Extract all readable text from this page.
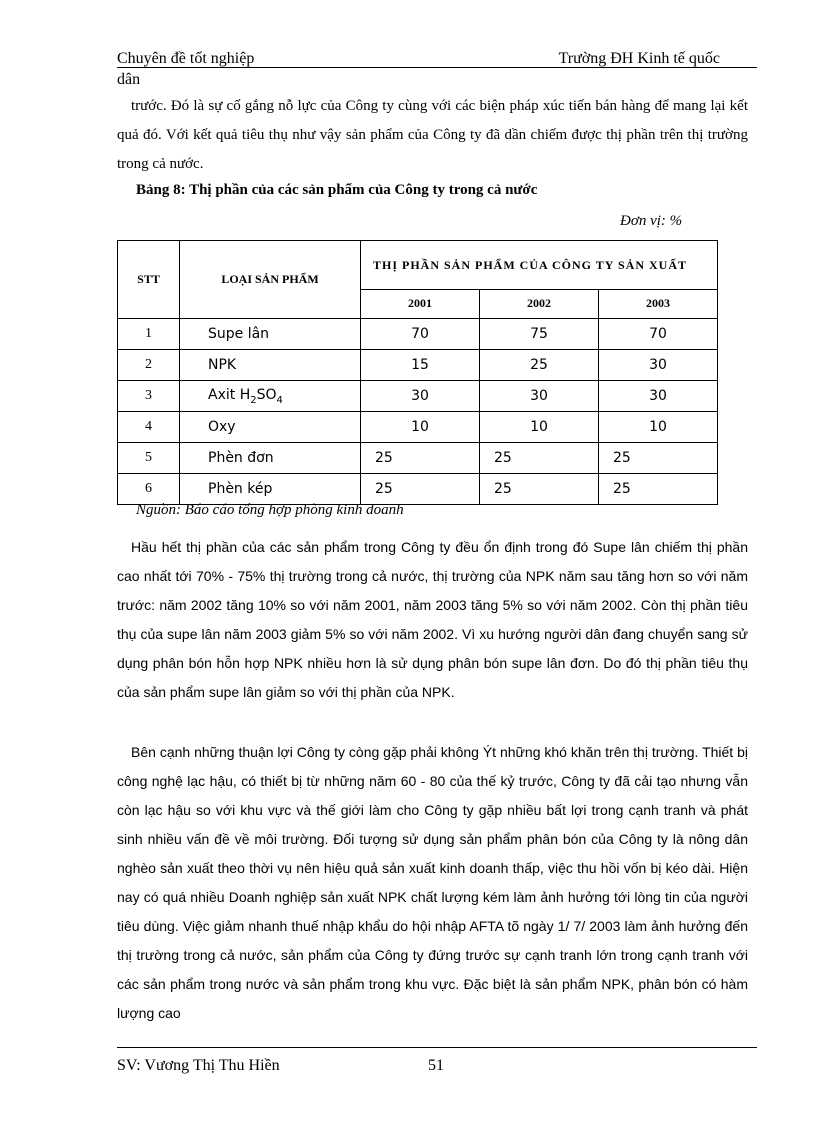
Chuyên đề tốt nghiệp	Trường ĐH Kinh tế quốc
dân
trước. Đó là sự cố gắng nỗ lực của Công ty cùng với các biện pháp xúc tiến bán hàng để mang lại kết quả đó. Với kết quả tiêu thụ như vậy sản phẩm của Công ty đã dần chiếm được thị phần trên thị trường trong cả nước.
Bảng 8: Thị phần của các sản phẩm của Công ty trong cả nước
Đơn vị: %
STT	LOẠI SẢN PHẨM	THỊ PHẦN SẢN PHẨM CỦA CÔNG TY SẢN XUẤT		
		2001	2002	2003
1	Supe lân	70	75	70
2	NPK	15	25	30
3	Axit $H_2SO_4$	30	30	30
4	Oxy	10	10	10
5	Phèn đơn	25	25	25
6	Phèn kép	25	25	25
Nguồn: Báo cáo tổng hợp phòng kinh doanh
Hầu hết thị phần của các sản phẩm trong Công ty đều ổn định trong đó Supe lân chiếm thị phần cao nhất tới 70% - 75% thị trường trong cả nước, thị trường của NPK năm sau tăng hơn so với năm trước: năm 2002 tăng 10% so với năm 2001, năm 2003 tăng 5% so với năm 2002. Còn thị phần tiêu thụ của supe lân năm 2003 giảm 5% so với năm 2002. Vì xu hướng người dân đang chuyển sang sử dụng phân bón hỗn hợp NPK nhiều hơn là sử dụng phân bón supe lân đơn. Do đó thị phần tiêu thụ của sản phẩm supe lân giảm so với thị phần của NPK.
Bên cạnh những thuận lợi Công ty còng gặp phải không Ýt những khó khăn trên thị trường. Thiết bị công nghệ lạc hậu, có thiết bị từ những năm 60 - 80 của thế kỷ trước, Công ty đã cải tạo nhưng vẫn còn lạc hậu so với khu vực và thế giới làm cho Công ty gặp nhiều bất lợi trong cạnh tranh và phát sinh nhiều vấn đề về môi trường. Đối tượng sử dụng sản phẩm phân bón của Công ty là nông dân nghèo sản xuất theo thời vụ nên hiệu quả sản xuất kinh doanh thấp, việc thu hồi vốn bị kéo dài. Hiện nay có quá nhiều Doanh nghiệp sản xuất NPK chất lượng kém làm ảnh hưởng tới lòng tin của người tiêu dùng. Việc giảm nhanh thuế nhập khẩu do hội nhập AFTA tõ ngày 1/ 7/ 2003 làm ảnh hưởng đến thị trường trong cả nước, sản phẩm của Công ty đứng trước sự cạnh tranh lớn trong cạnh tranh với các sản phẩm trong nước và sản phẩm trong khu vực. Đặc biệt là sản phẩm NPK, phân bón có hàm lượng cao
SV: Vương Thị Thu Hiền	51
